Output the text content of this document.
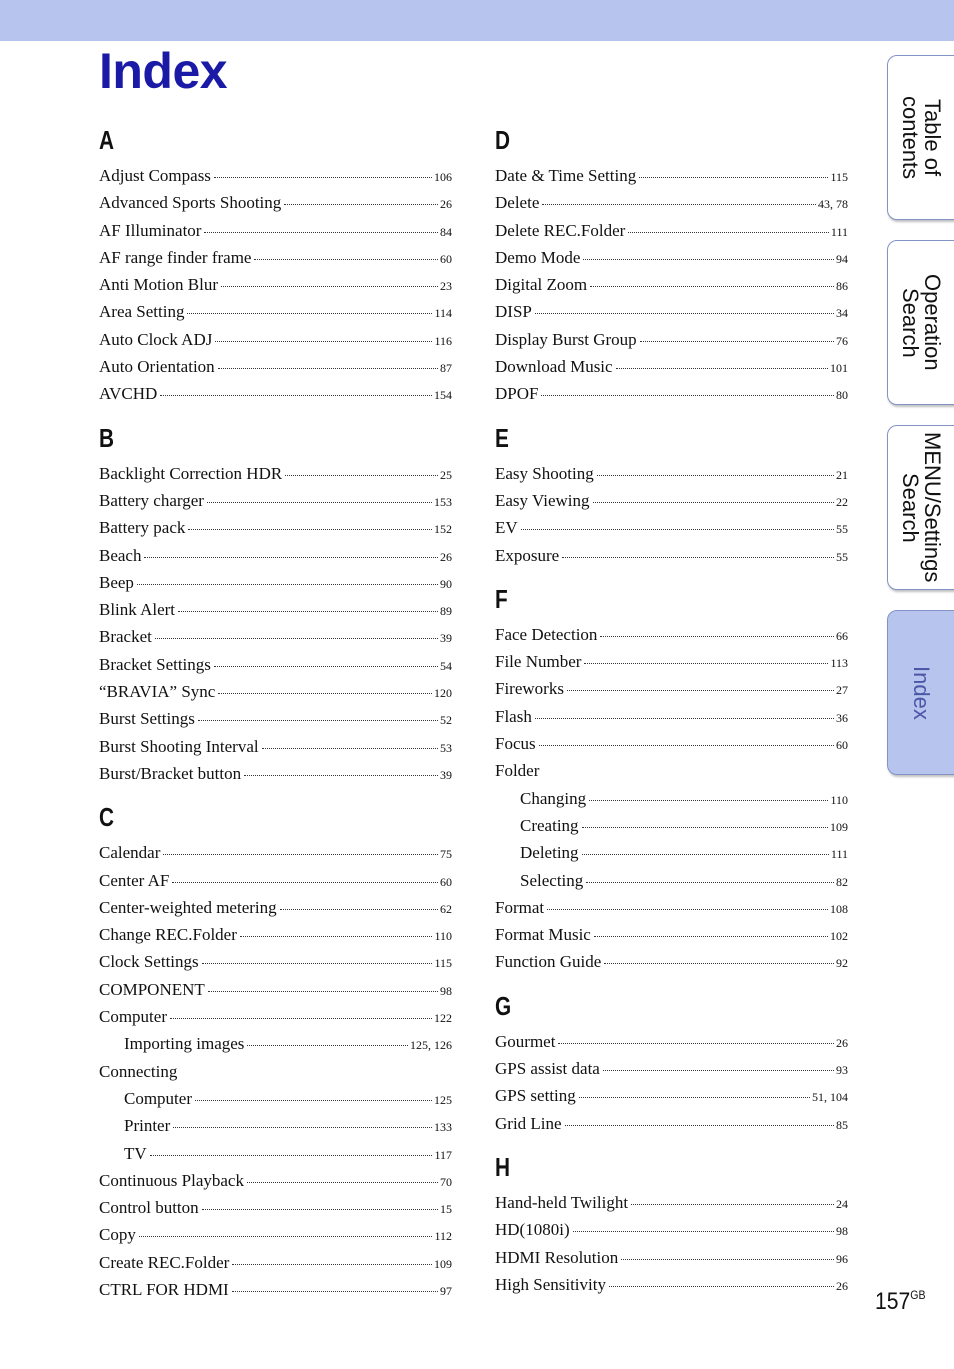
Index
A
Adjust Compass	106
Advanced Sports Shooting	26
AF Illuminator	84
AF range finder frame	60
Anti Motion Blur	23
Area Setting	114
Auto Clock ADJ	116
Auto Orientation	87
AVCHD	154
B
Backlight Correction HDR	25
Battery charger	153
Battery pack	152
Beach	26
Beep	90
Blink Alert	89
Bracket	39
Bracket Settings	54
“BRAVIA” Sync	120
Burst Settings	52
Burst Shooting Interval	53
Burst/Bracket button	39
C
Calendar	75
Center AF	60
Center-weighted metering	62
Change REC.Folder	110
Clock Settings	115
COMPONENT	98
Computer	122
Importing images	125, 126
Connecting
Computer	125
Printer	133
TV	117
Continuous Playback	70
Control button	15
Copy	112
Create REC.Folder	109
CTRL FOR HDMI	97
D
Date & Time Setting	115
Delete	43, 78
Delete REC.Folder	111
Demo Mode	94
Digital Zoom	86
DISP	34
Display Burst Group	76
Download Music	101
DPOF	80
E
Easy Shooting	21
Easy Viewing	22
EV	55
Exposure	55
F
Face Detection	66
File Number	113
Fireworks	27
Flash	36
Focus	60
Folder
Changing	110
Creating	109
Deleting	111
Selecting	82
Format	108
Format Music	102
Function Guide	92
G
Gourmet	26
GPS assist data	93
GPS setting	51, 104
Grid Line	85
H
Hand-held Twilight	24
HD(1080i)	98
HDMI Resolution	96
High Sensitivity	26
Table of
contents
Operation
Search
MENU/Settings
Search
Index
$157^{GB}$
